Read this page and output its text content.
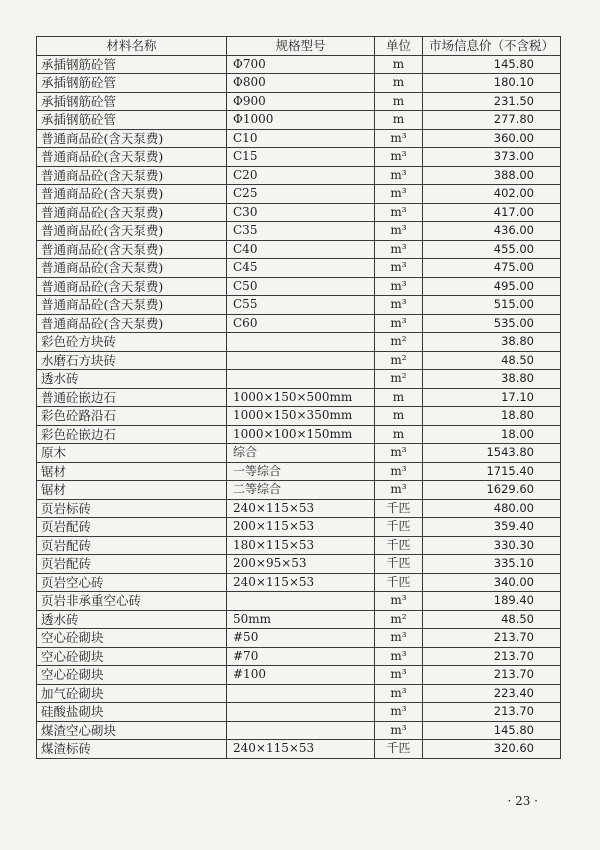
材料名称	规格型号	单位	市场信息价（不含税）
承插钢筋砼管	Φ700	m	145.80
承插钢筋砼管	Φ800	m	180.10
承插钢筋砼管	Φ900	m	231.50
承插钢筋砼管	Φ1000	m	277.80
普通商品砼(含天泵费)	C10	m³	360.00
普通商品砼(含天泵费)	C15	m³	373.00
普通商品砼(含天泵费)	C20	m³	388.00
普通商品砼(含天泵费)	C25	m³	402.00
普通商品砼(含天泵费)	C30	m³	417.00
普通商品砼(含天泵费)	C35	m³	436.00
普通商品砼(含天泵费)	C40	m³	455.00
普通商品砼(含天泵费)	C45	m³	475.00
普通商品砼(含天泵费)	C50	m³	495.00
普通商品砼(含天泵费)	C55	m³	515.00
普通商品砼(含天泵费)	C60	m³	535.00
彩色砼方块砖		m²	38.80
水磨石方块砖		m²	48.50
透水砖		m²	38.80
普通砼嵌边石	1000×150×500mm	m	17.10
彩色砼路沿石	1000×150×350mm	m	18.80
彩色砼嵌边石	1000×100×150mm	m	18.00
原木	综合	m³	1543.80
锯材	一等综合	m³	1715.40
锯材	二等综合	m³	1629.60
页岩标砖	240×115×53	千匹	480.00
页岩配砖	200×115×53	千匹	359.40
页岩配砖	180×115×53	千匹	330.30
页岩配砖	200×95×53	千匹	335.10
页岩空心砖	240×115×53	千匹	340.00
页岩非承重空心砖		m³	189.40
透水砖	50mm	m²	48.50
空心砼砌块	#50	m³	213.70
空心砼砌块	#70	m³	213.70
空心砼砌块	#100	m³	213.70
加气砼砌块		m³	223.40
硅酸盐砌块		m³	213.70
煤渣空心砌块		m³	145.80
煤渣标砖	240×115×53	千匹	320.60
· 23 ·
